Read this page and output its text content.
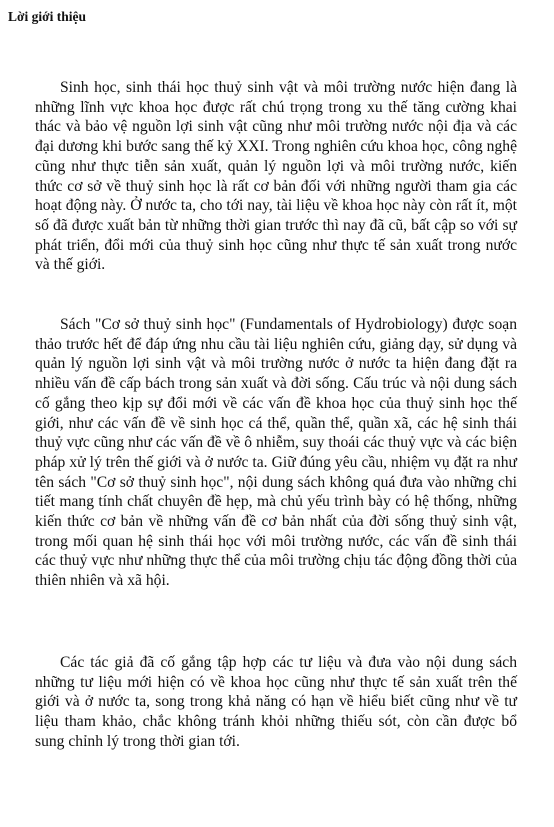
Lời giới thiệu

Sinh học, sinh thái học thuỷ sinh vật và môi trường nước hiện đang là những lĩnh vực khoa học được rất chú trọng trong xu thế tăng cường khai thác và bảo vệ nguồn lợi sinh vật cũng như môi trường nước nội địa và các đại dương khi bước sang thế kỷ XXI. Trong nghiên cứu khoa học, công nghệ cũng như thực tiễn sản xuất, quản lý nguồn lợi và môi trường nước, kiến thức cơ sở về thuỷ sinh học là rất cơ bản đối với những người tham gia các hoạt động này. Ở nước ta, cho tới nay, tài liệu về khoa học này còn rất ít, một số đã được xuất bản từ những thời gian trước thì nay đã cũ, bất cập so với sự phát triển, đổi mới của thuỷ sinh học cũng như thực tế sản xuất trong nước và thế giới.

Sách "Cơ sở thuỷ sinh học" (Fundamentals of Hydrobiology) được soạn thảo trước hết để đáp ứng nhu cầu tài liệu nghiên cứu, giảng dạy, sử dụng và quản lý nguồn lợi sinh vật và môi trường nước ở nước ta hiện đang đặt ra nhiều vấn đề cấp bách trong sản xuất và đời sống. Cấu trúc và nội dung sách cố gắng theo kịp sự đổi mới về các vấn đề khoa học của thuỷ sinh học thế giới, như các vấn đề về sinh học cá thể, quần thể, quần xã, các hệ sinh thái thuỷ vực cũng như các vấn đề về ô nhiễm, suy thoái các thuỷ vực và các biện pháp xử lý trên thế giới và ở nước ta. Giữ đúng yêu cầu, nhiệm vụ đặt ra như tên sách "Cơ sở thuỷ sinh học", nội dung sách không quá đưa vào những chi tiết mang tính chất chuyên đề hẹp, mà chủ yếu trình bày có hệ thống, những kiến thức cơ bản về những vấn đề cơ bản nhất của đời sống thuỷ sinh vật, trong mối quan hệ sinh thái học với môi trường nước, các vấn đề sinh thái các thuỷ vực như những thực thể của môi trường chịu tác động đồng thời của thiên nhiên và xã hội.

Các tác giả đã cố gắng tập hợp các tư liệu và đưa vào nội dung sách những tư liệu mới hiện có về khoa học cũng như thực tế sản xuất trên thế giới và ở nước ta, song trong khả năng có hạn về hiểu biết cũng như về tư liệu tham khảo, chắc không tránh khỏi những thiếu sót, còn cần được bổ sung chỉnh lý trong thời gian tới.
